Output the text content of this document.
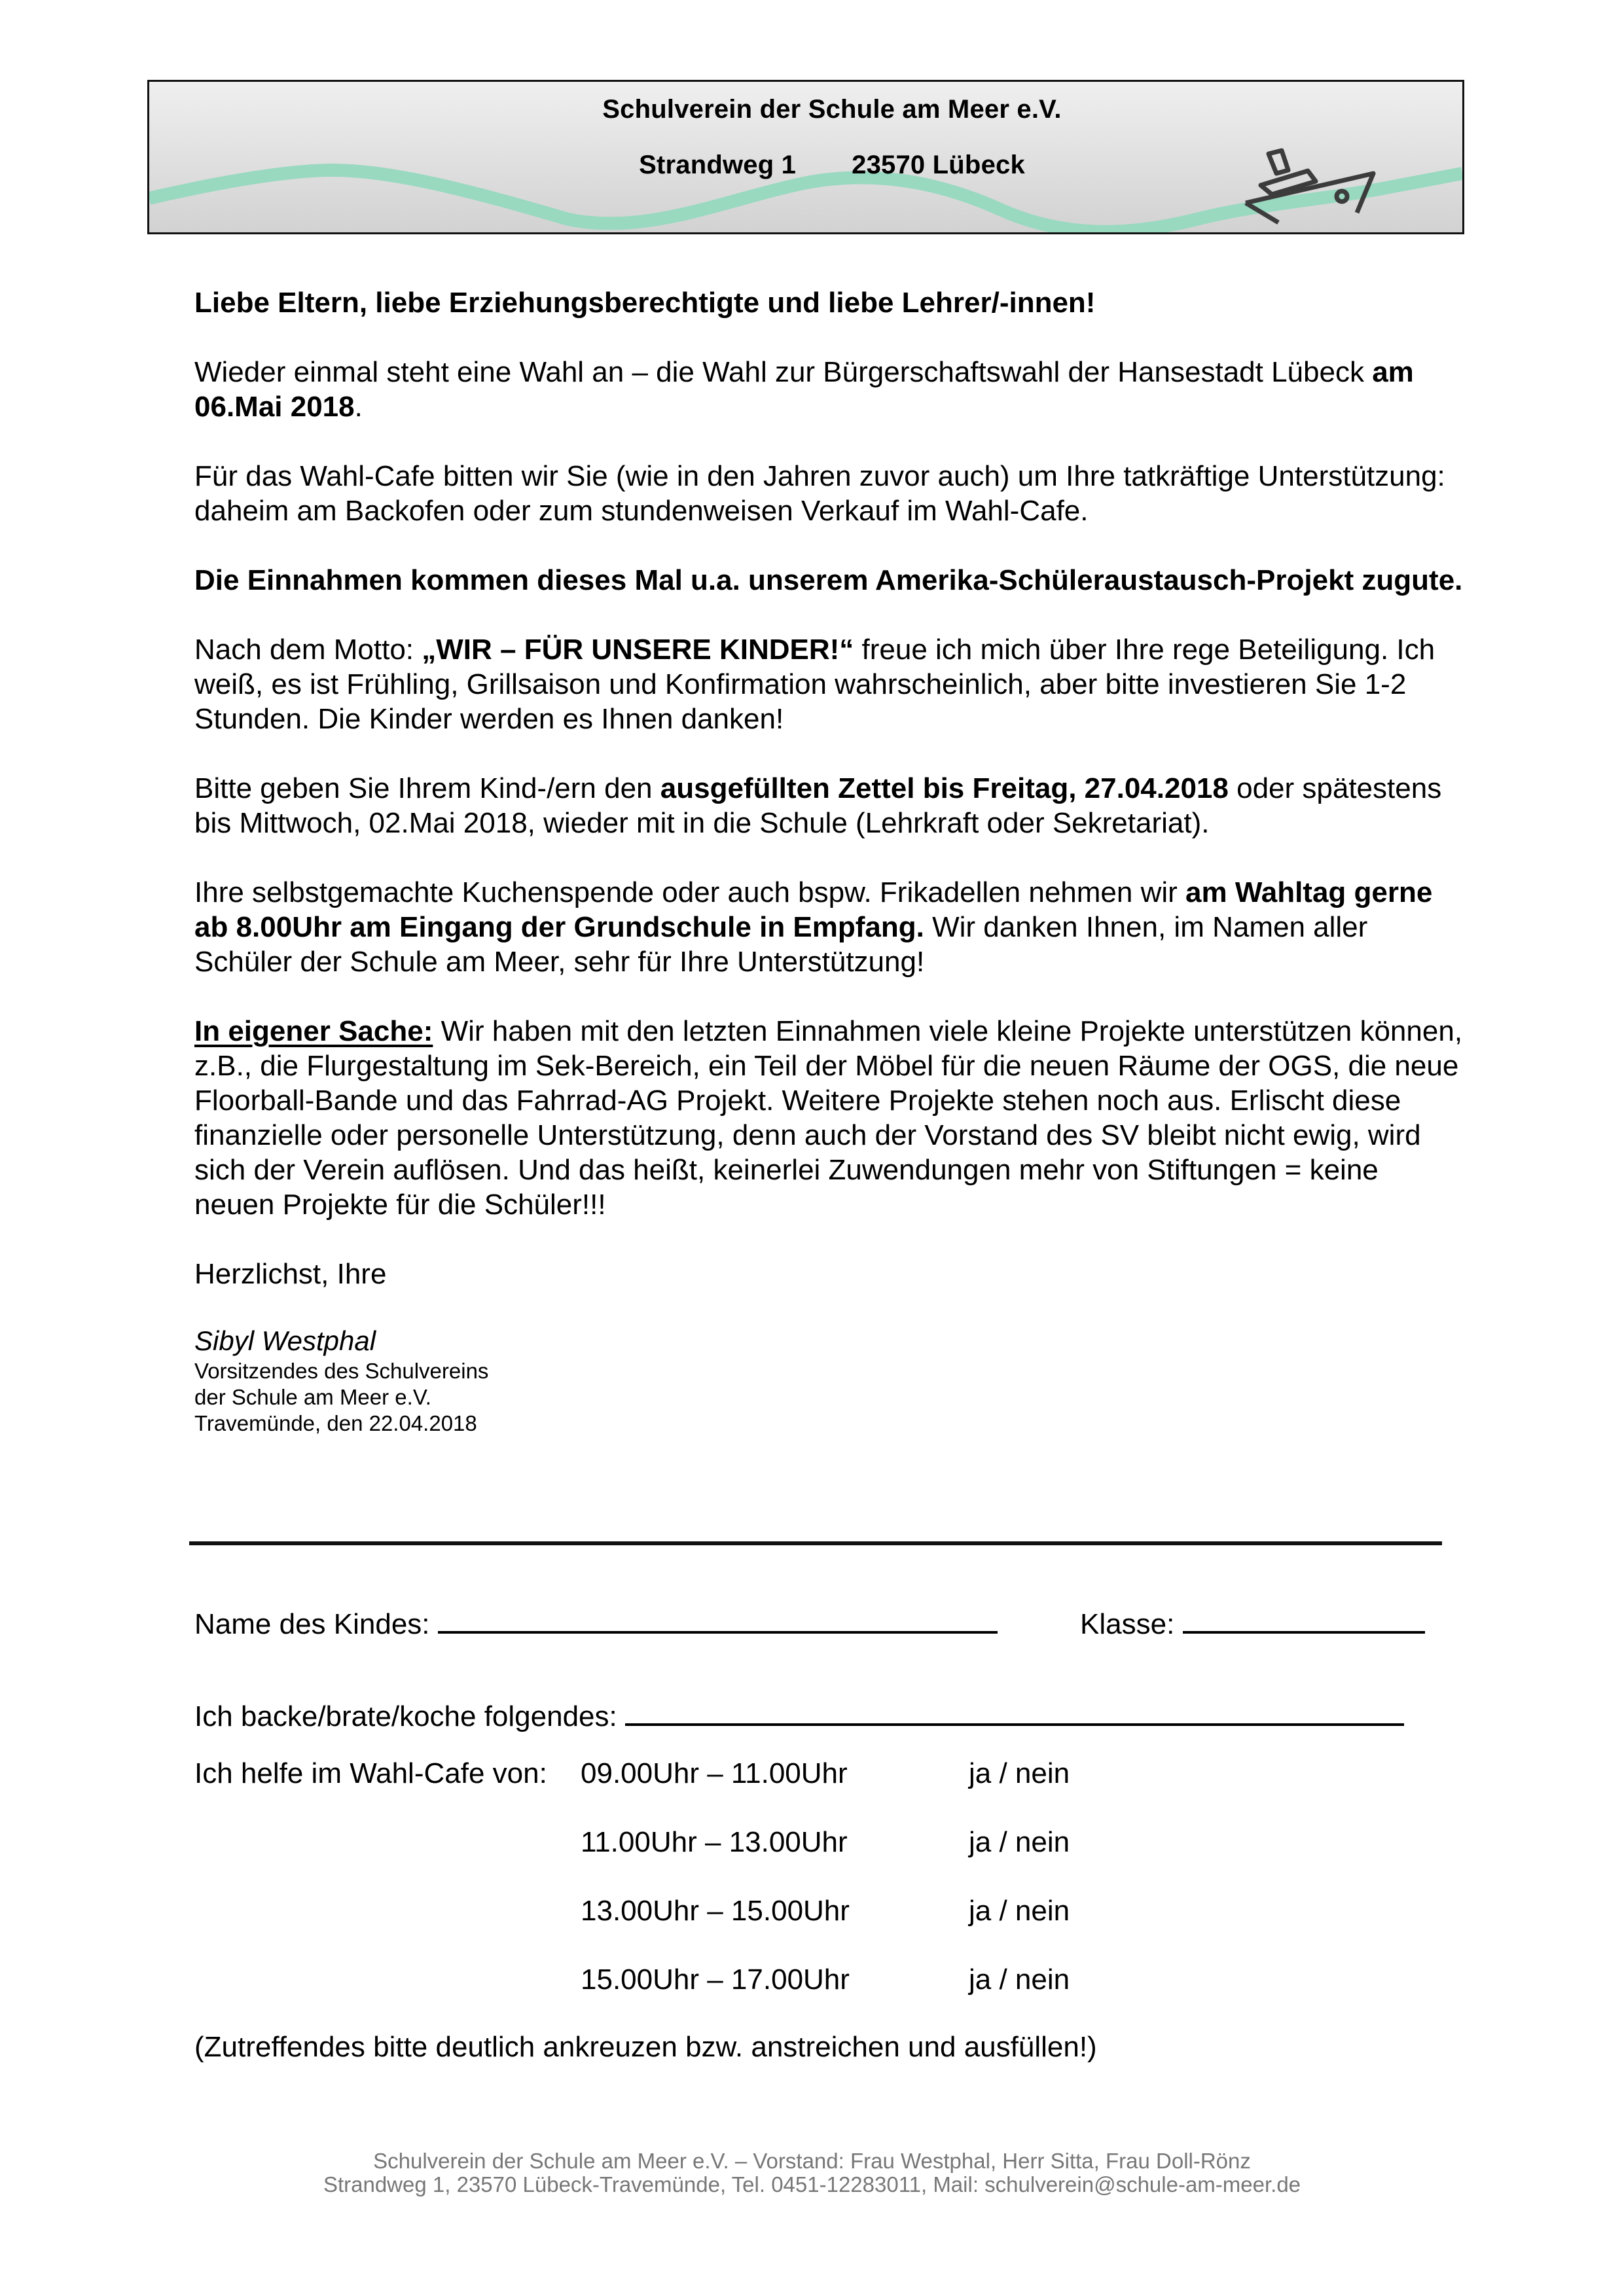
Schulverein der Schule am Meer e.V.
Strandweg 1 23570 Lübeck

Liebe Eltern, liebe Erziehungsberechtigte und liebe Lehrer/-innen!

Wieder einmal steht eine Wahl an – die Wahl zur Bürgerschaftswahl der Hansestadt Lübeck am 06.Mai 2018.

Für das Wahl-Cafe bitten wir Sie (wie in den Jahren zuvor auch) um Ihre tatkräftige Unterstützung: daheim am Backofen oder zum stundenweisen Verkauf im Wahl-Cafe.

Die Einnahmen kommen dieses Mal u.a. unserem Amerika-Schüleraustausch-Projekt zugute.

Nach dem Motto: „WIR – FÜR UNSERE KINDER!“ freue ich mich über Ihre rege Beteiligung. Ich weiß, es ist Frühling, Grillsaison und Konfirmation wahrscheinlich, aber bitte investieren Sie 1-2 Stunden. Die Kinder werden es Ihnen danken!

Bitte geben Sie Ihrem Kind-/ern den ausgefüllten Zettel bis Freitag, 27.04.2018 oder spätestens bis Mittwoch, 02.Mai 2018, wieder mit in die Schule (Lehrkraft oder Sekretariat).

Ihre selbstgemachte Kuchenspende oder auch bspw. Frikadellen nehmen wir am Wahltag gerne ab 8.00Uhr am Eingang der Grundschule in Empfang. Wir danken Ihnen, im Namen aller Schüler der Schule am Meer, sehr für Ihre Unterstützung!

In eigener Sache: Wir haben mit den letzten Einnahmen viele kleine Projekte unterstützen können, z.B., die Flurgestaltung im Sek-Bereich, ein Teil der Möbel für die neuen Räume der OGS, die neue Floorball-Bande und das Fahrrad-AG Projekt. Weitere Projekte stehen noch aus. Erlischt diese finanzielle oder personelle Unterstützung, denn auch der Vorstand des SV bleibt nicht ewig, wird sich der Verein auflösen. Und das heißt, keinerlei Zuwendungen mehr von Stiftungen = keine neuen Projekte für die Schüler!!!

Herzlichst, Ihre

Sibyl Westphal
Vorsitzendes des Schulvereins
der Schule am Meer e.V.
Travemünde, den 22.04.2018
Name des Kindes:	Klasse:
Ich backe/brate/koche folgendes:
Ich helfe im Wahl-Cafe von: 09.00Uhr – 11.00Uhr	ja / nein
11.00Uhr – 13.00Uhr	ja / nein
13.00Uhr – 15.00Uhr	ja / nein
15.00Uhr – 17.00Uhr	ja / nein
(Zutreffendes bitte deutlich ankreuzen bzw. anstreichen und ausfüllen!)
Schulverein der Schule am Meer e.V. – Vorstand: Frau Westphal, Herr Sitta, Frau Doll-Rönz
Strandweg 1, 23570 Lübeck-Travemünde, Tel. 0451-12283011, Mail: schulverein@schule-am-meer.de
